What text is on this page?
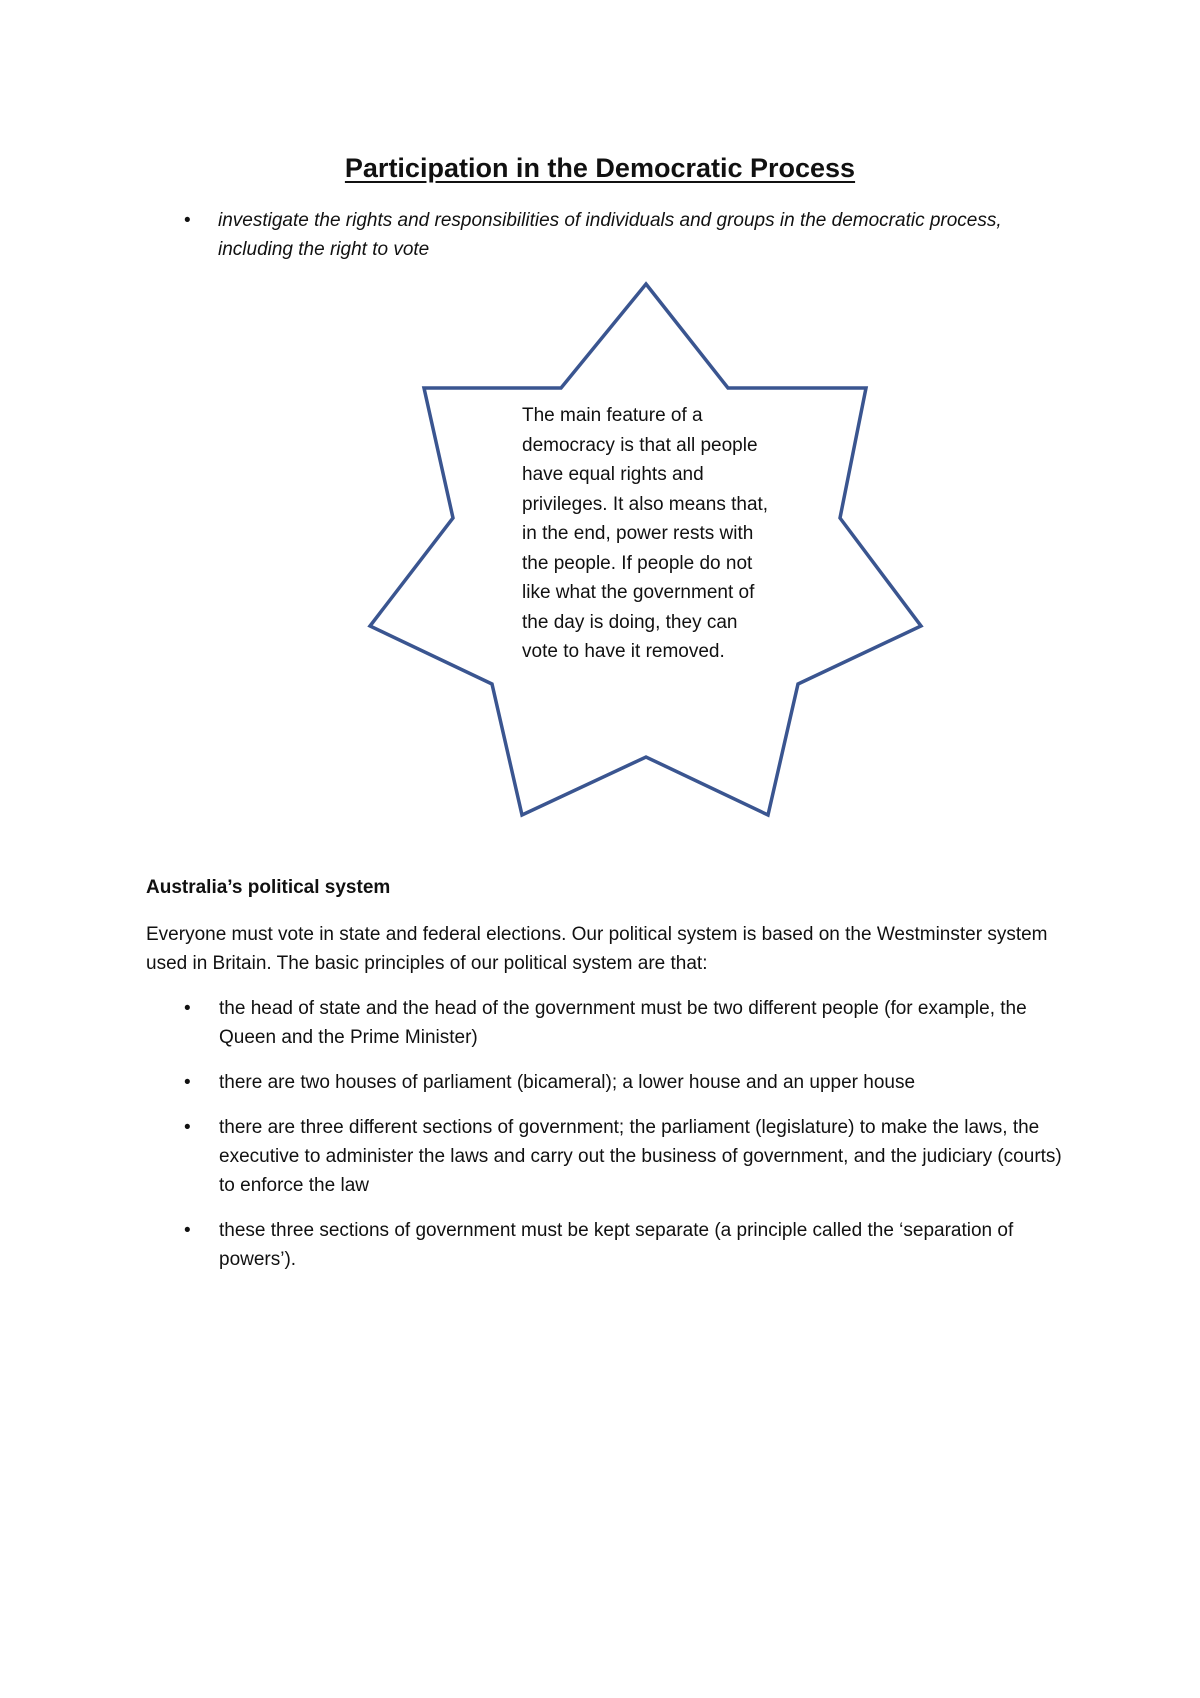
Participation in the Democratic Process
• investigate the rights and responsibilities of individuals and groups in the democratic process, including the right to vote
The main feature of a democracy is that all people have equal rights and privileges. It also means that, in the end, power rests with the people. If people do not like what the government of the day is doing, they can vote to have it removed.
Australia’s political system
Everyone must vote in state and federal elections. Our political system is based on the Westminster system used in Britain. The basic principles of our political system are that:
• the head of state and the head of the government must be two different people (for example, the Queen and the Prime Minister)
• there are two houses of parliament (bicameral); a lower house and an upper house
• there are three different sections of government; the parliament (legislature) to make the laws, the executive to administer the laws and carry out the business of government, and the judiciary (courts) to enforce the law
• these three sections of government must be kept separate (a principle called the ‘separation of powers’).
